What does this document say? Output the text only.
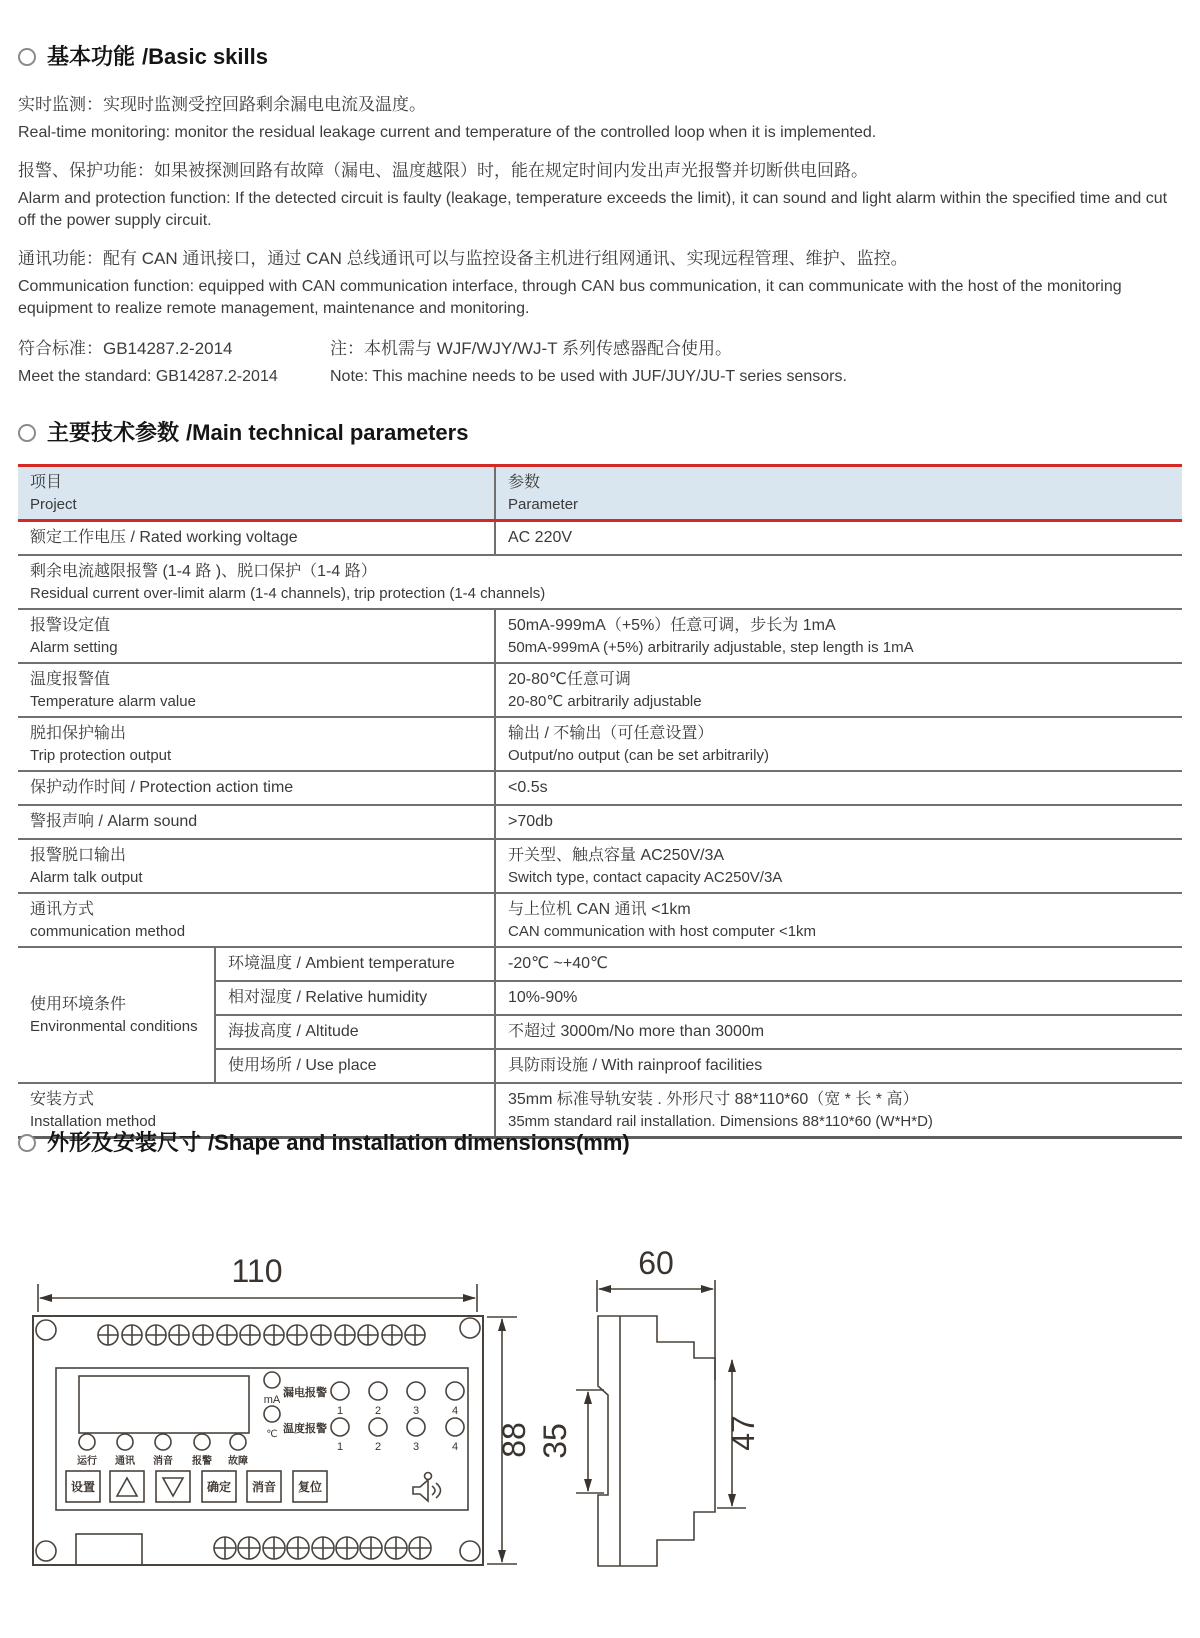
基本功能 /Basic skills

实时监测：实现时监测受控回路剩余漏电电流及温度。

Real-time monitoring: monitor the residual leakage current and temperature of the controlled loop when it is implemented.

报警、保护功能：如果被探测回路有故障（漏电、温度越限）时，能在规定时间内发出声光报警并切断供电回路。

Alarm and protection function: If the detected circuit is faulty (leakage, temperature exceeds the limit), it can sound and light alarm within the specified time and cut off the power supply circuit.

通讯功能：配有 CAN 通讯接口，通过 CAN 总线通讯可以与监控设备主机进行组网通讯、实现远程管理、维护、监控。

Communication function: equipped with CAN communication interface, through CAN bus communication, it can communicate with the host of the monitoring equipment to realize remote management, maintenance and monitoring.

符合标准：GB14287.2-2014

Meet the standard: GB14287.2-2014

注：本机需与 WJF/WJY/WJ-T 系列传感器配合使用。

Note: This machine needs to be used with JUF/JUY/JU-T series sensors.

主要技术参数 /Main technical parameters
项目
Project		参数
Parameter

额定工作电压 / Rated working voltage		AC 220V

剩余电流越限报警 (1-4 路 )、脱口保护（1-4 路）
Residual current over-limit alarm (1-4 channels), trip protection (1-4 channels)		

报警设定值
Alarm setting		50mA-999mA（+5%）任意可调，步长为 1mA
50mA-999mA (+5%) arbitrarily adjustable, step length is 1mA

温度报警值
Temperature alarm value		20-80℃任意可调
20-80℃ arbitrarily adjustable

脱扣保护输出
Trip protection output		输出 / 不输出（可任意设置）
Output/no output (can be set arbitrarily)

保护动作时间 / Protection action time		<0.5s

警报声响 / Alarm sound		>70db

报警脱口输出
Alarm talk output		开关型、触点容量 AC250V/3A
Switch type, contact capacity AC250V/3A

通讯方式
communication method		与上位机 CAN 通讯 <1km
CAN communication with host computer <1km

使用环境条件
Environmental conditions	环境温度 / Ambient temperature	-20℃ ~+40℃

	相对湿度 / Relative humidity	10%-90%

	海拔高度 / Altitude	不超过 3000m/No more than 3000m

	使用场所 / Use place	具防雨设施 / With rainproof facilities

安装方式
Installation method		35mm 标准导轨安装 . 外形尺寸 88*110*60（宽 * 长 * 高）
35mm standard rail installation. Dimensions 88*110*60 (W*H*D)
外形及安装尺寸 /Shape and installation dimensions(mm)
110
mA
℃
漏电报警
1	2	3	4
温度报警
1	2	3	4
运行 通讯 消音 报警 故障
设置	确定 消音 复位
88
60
35	47
